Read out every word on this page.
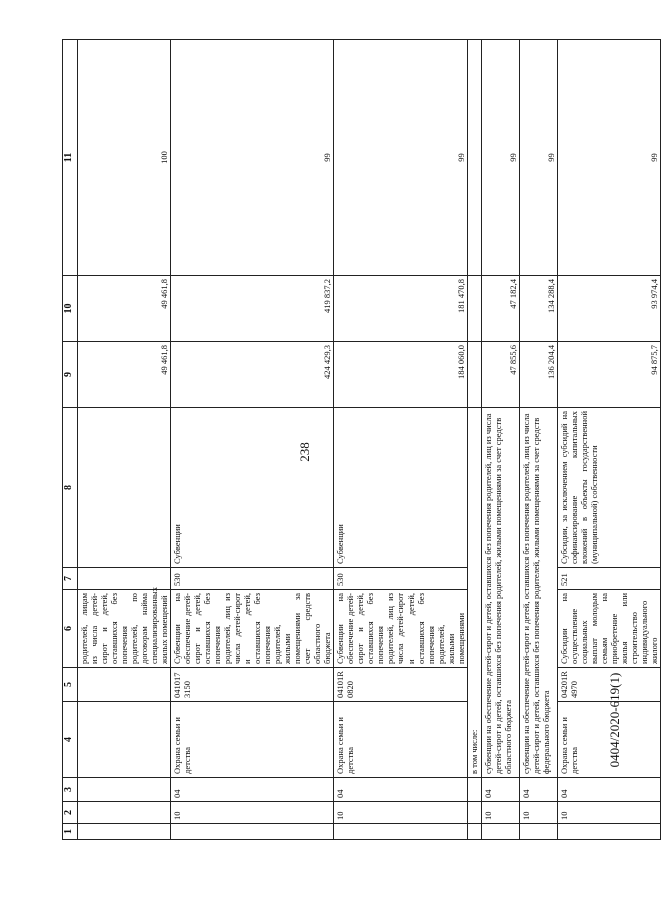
238
0404/2020-619(1)
1	2	3	4	5	6	7	8	9	10	11
					родителей, лицам из числа детей-сирот и детей, оставшихся без попечения родителей, по договорам найма специализированных жилых помещений			49 461,8	49 461,8	100
	10	04	Охрана семьи и детства	041017 3150	Субвенции на обеспечение детей-сирот и детей, оставшихся без попечения родителей, лиц из числа детей-сирот и детей, оставшихся без попечения родителей, жилыми помещениями за счет средств областного бюджета	530	Субвенции	424 429,3	419 837,2	99
	10	04	Охрана семьи и детства	04101R 0820	Субвенции на обеспечение детей-сирот и детей, оставшихся без попечения родителей, лиц из числа детей-сирот и детей, оставшихся без попечения родителей, жилыми помещениями	530	Субвенции	184 060,0	181 470,8	99
			в том числе:							
	10	04	субвенции на обеспечение детей-сирот и детей, оставшихся без попечения родителей, лиц из числа детей-сирот и детей, оставшихся без попечения родителей, жилыми помещениями за счет средств областного бюджета					47 855,6	47 182,4	99
	10	04	субвенции на обеспечение детей-сирот и детей, оставшихся без попечения родителей, лиц из числа детей-сирот и детей, оставшихся без попечения родителей, жилыми помещениями за счет средств федерального бюджета					136 204,4	134 288,4	99
	10	04	Охрана семьи и детства	04201R 4970	Субсидии на осуществление социальных выплат молодым семьям на приобретение жилья или строительство индивидуального жилого	521	Субсидии, за исключением субсидий на софинансирование капитальных вложений в объекты государственной (муниципальной) собственности	94 875,7	93 974,4	99
